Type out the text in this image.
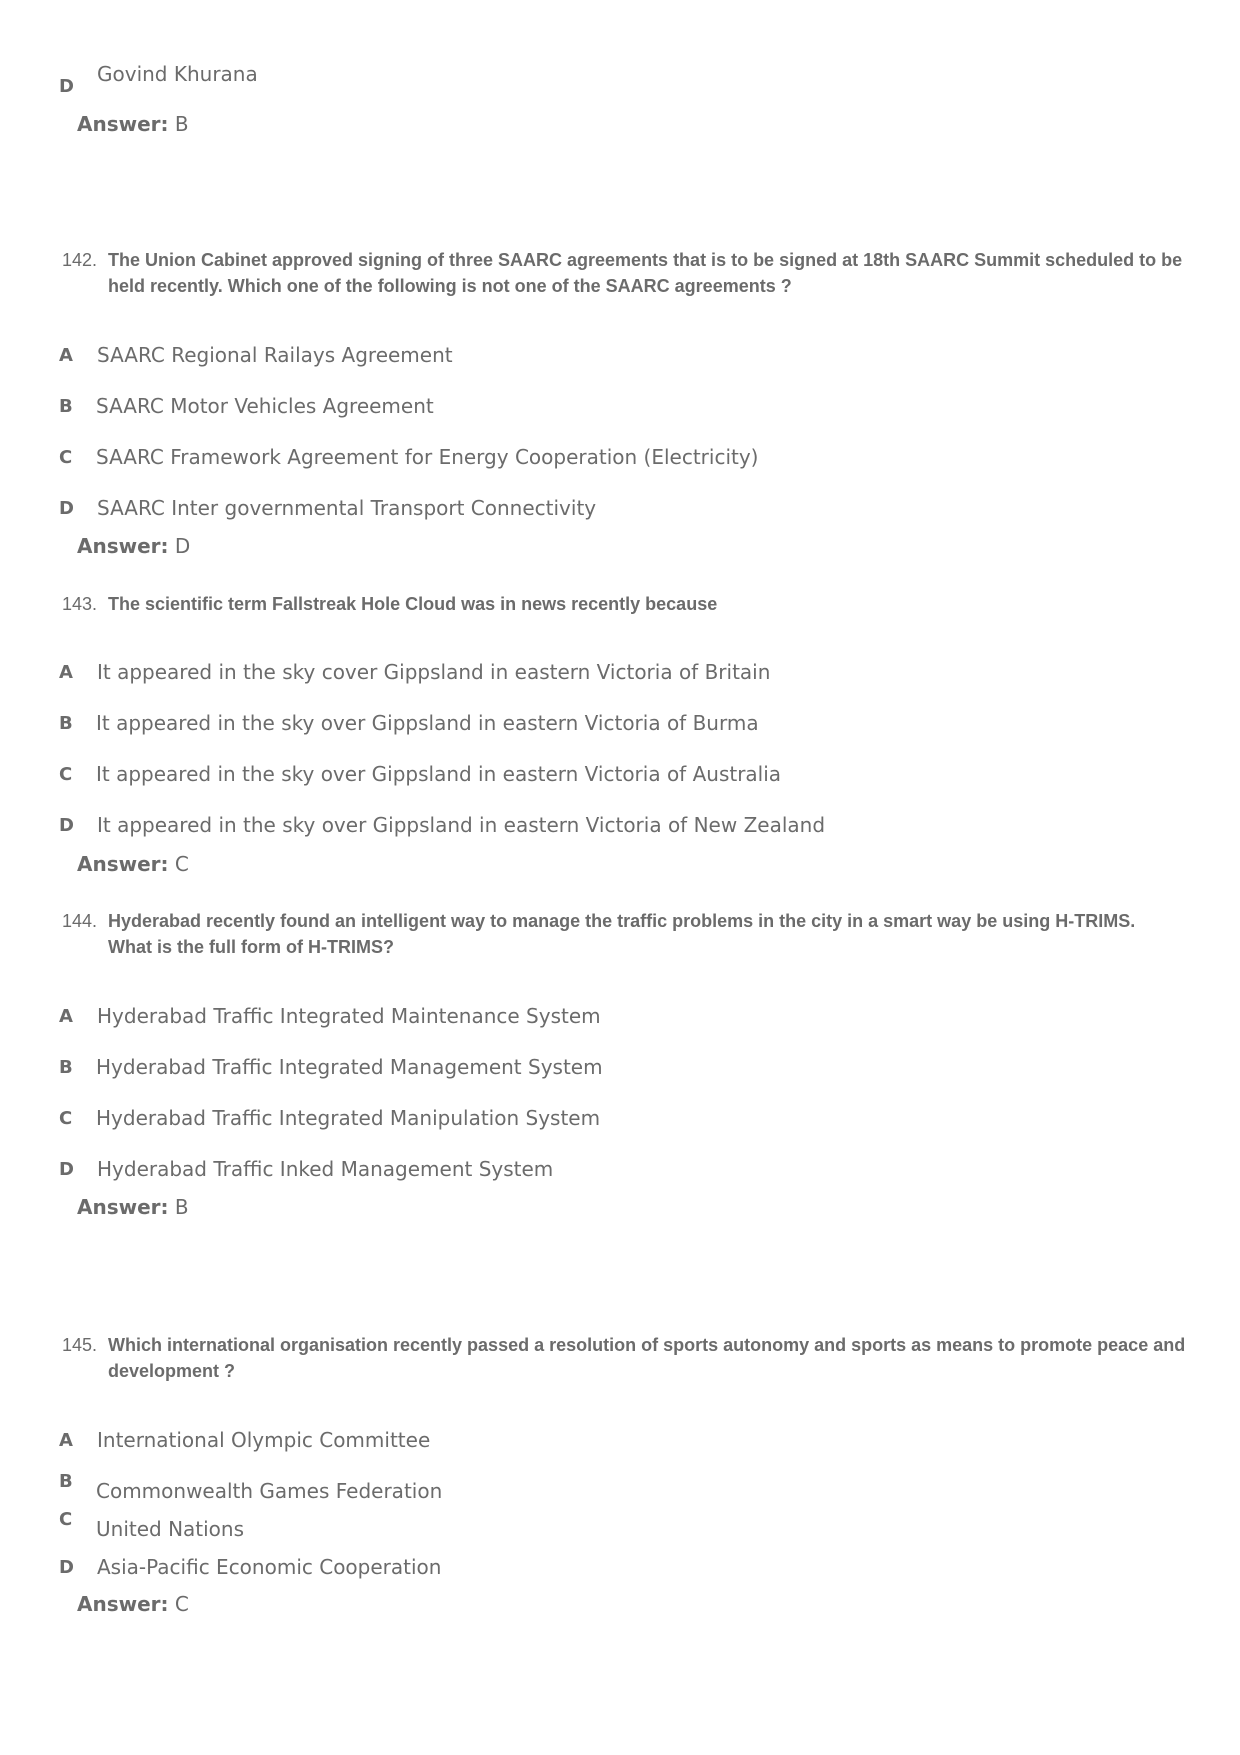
D
Govind Khurana
Answer: B
142. The Union Cabinet approved signing of three SAARC agreements that is to be signed at 18th SAARC Summit scheduled to be held recently. Which one of the following is not one of the SAARC agreements ?
A SAARC Regional Railays Agreement
B SAARC Motor Vehicles Agreement
C SAARC Framework Agreement for Energy Cooperation (Electricity)
D SAARC Inter governmental Transport Connectivity
Answer: D
143. The scientific term Fallstreak Hole Cloud was in news recently because
A It appeared in the sky cover Gippsland in eastern Victoria of Britain
B It appeared in the sky over Gippsland in eastern Victoria of Burma
C It appeared in the sky over Gippsland in eastern Victoria of Australia
D It appeared in the sky over Gippsland in eastern Victoria of New Zealand
Answer: C
144. Hyderabad recently found an intelligent way to manage the traffic problems in the city in a smart way be using H-TRIMS. What is the full form of H-TRIMS?
A Hyderabad Traffic Integrated Maintenance System
B Hyderabad Traffic Integrated Management System
C Hyderabad Traffic Integrated Manipulation System
D Hyderabad Traffic Inked Management System
Answer: B
145. Which international organisation recently passed a resolution of sports autonomy and sports as means to promote peace and development ?
A International Olympic Committee
B Commonwealth Games Federation
C United Nations
D Asia-Pacific Economic Cooperation
Answer: C
